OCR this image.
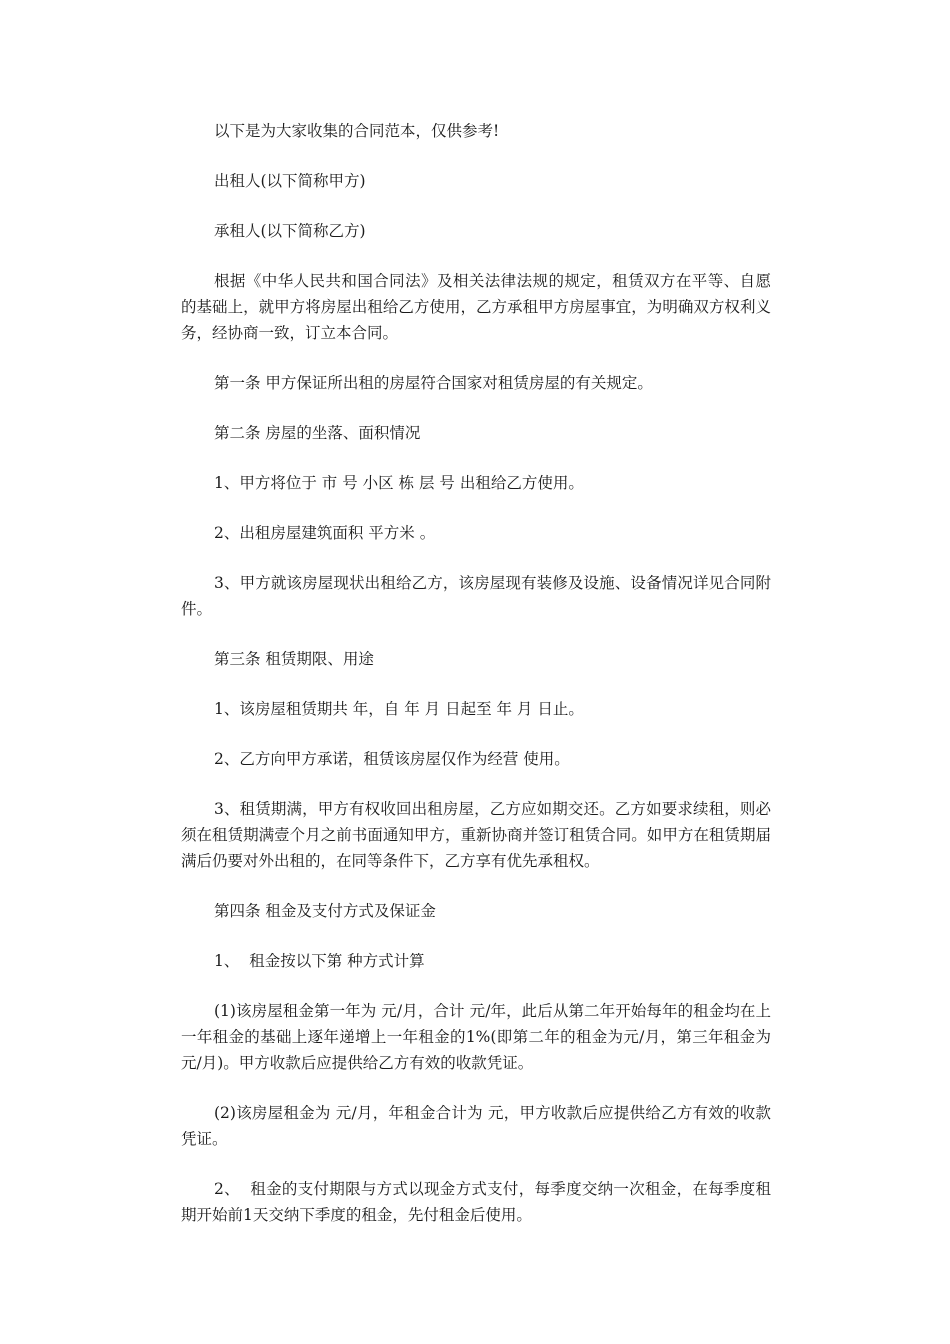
以下是为大家收集的合同范本，仅供参考!

出租人(以下简称甲方)

承租人(以下简称乙方)

根据《中华人民共和国合同法》及相关法律法规的规定，租赁双方在平等、自愿的基础上，就甲方将房屋出租给乙方使用，乙方承租甲方房屋事宜，为明确双方权利义务，经协商一致，订立本合同。

第一条 甲方保证所出租的房屋符合国家对租赁房屋的有关规定。

第二条 房屋的坐落、面积情况

1、甲方将位于 市 号 小区 栋 层 号 出租给乙方使用。

2、出租房屋建筑面积 平方米 。

3、甲方就该房屋现状出租给乙方，该房屋现有装修及设施、设备情况详见合同附件。

第三条 租赁期限、用途

1、该房屋租赁期共 年，自 年 月 日起至 年 月 日止。

2、乙方向甲方承诺，租赁该房屋仅作为经营 使用。

3、租赁期满，甲方有权收回出租房屋，乙方应如期交还。乙方如要求续租，则必须在租赁期满壹个月之前书面通知甲方，重新协商并签订租赁合同。如甲方在租赁期届满后仍要对外出租的，在同等条件下，乙方享有优先承租权。

第四条 租金及支付方式及保证金

1、  租金按以下第 种方式计算

(1)该房屋租金第一年为 元/月，合计 元/年，此后从第二年开始每年的租金均在上一年租金的基础上逐年递增上一年租金的1%(即第二年的租金为元/月，第三年租金为 元/月)。甲方收款后应提供给乙方有效的收款凭证。

(2)该房屋租金为 元/月，年租金合计为 元，甲方收款后应提供给乙方有效的收款凭证。

2、  租金的支付期限与方式以现金方式支付，每季度交纳一次租金，在每季度租期开始前1天交纳下季度的租金，先付租金后使用。
